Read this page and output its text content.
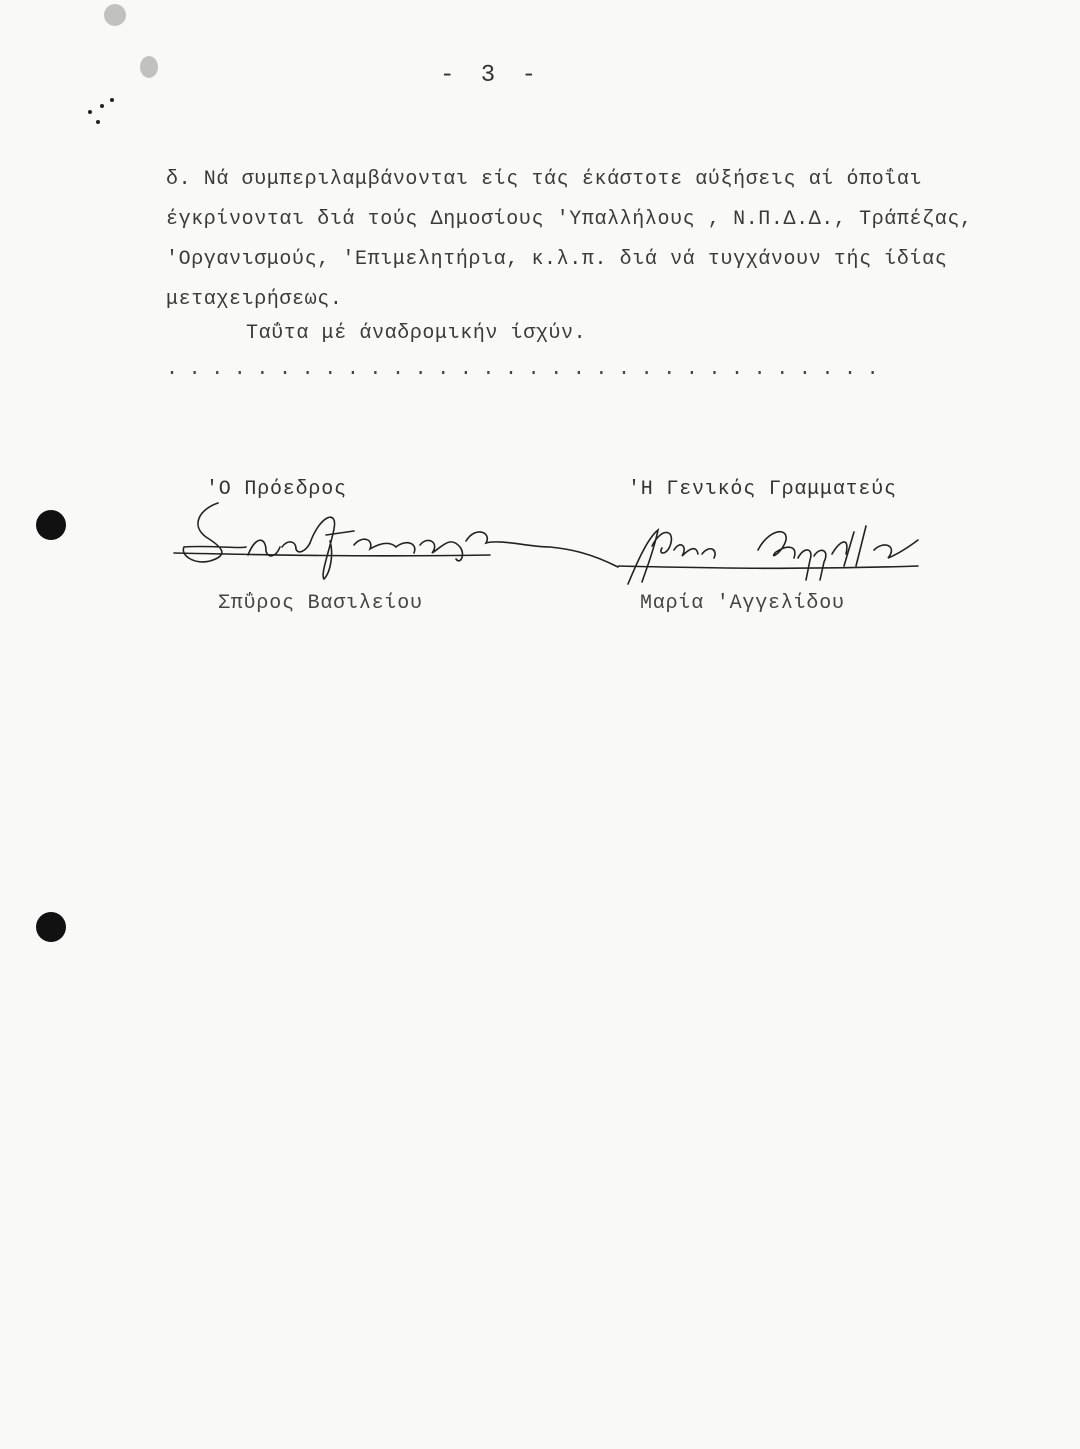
- 3 -
δ. Νά συμπεριλαμβάνονται είς τάς έκάστοτε αύξήσεις αί όποΐαι
έγκρίνονται διά τούς Δημοσίους 'Υπαλλήλους , Ν.Π.Δ.Δ., Τράπέζας,
'Οργανισμούς, 'Επιμελητήρια, κ.λ.π. διά νά τυγχάνουν τής ίδίας
μεταχειρήσεως.
Ταΰτα μέ άναδρομικήν ίσχύν.
................................
'Ο Πρόεδρος
Σπΰρος Βασιλείου
'Η Γενικός Γραμματεύς
Μαρία 'Αγγελίδου
